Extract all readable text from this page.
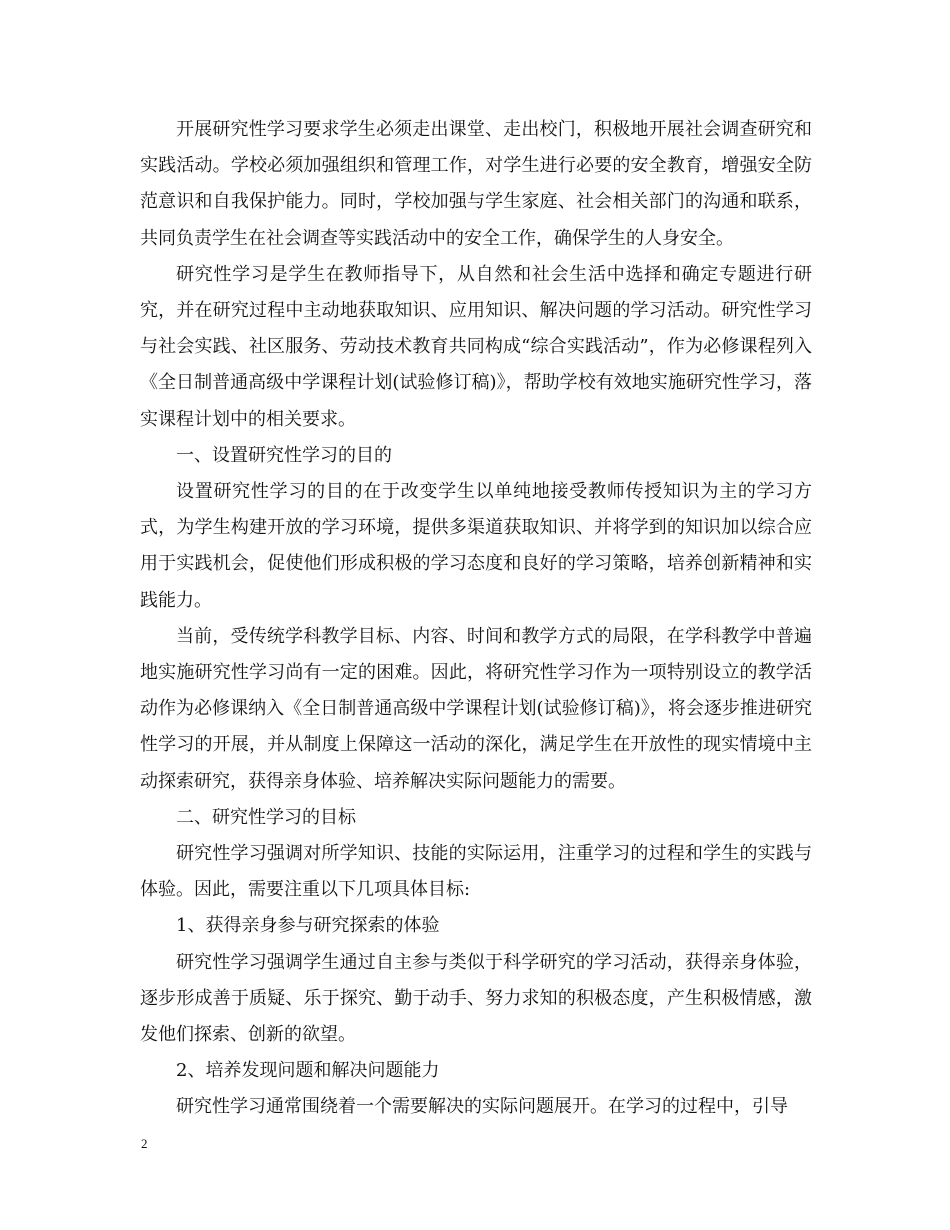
开展研究性学习要求学生必须走出课堂、走出校门，积极地开展社会调查研究和实践活动。学校必须加强组织和管理工作，对学生进行必要的安全教育，增强安全防范意识和自我保护能力。同时，学校加强与学生家庭、社会相关部门的沟通和联系，共同负责学生在社会调查等实践活动中的安全工作，确保学生的人身安全。

研究性学习是学生在教师指导下，从自然和社会生活中选择和确定专题进行研究，并在研究过程中主动地获取知识、应用知识、解决问题的学习活动。研究性学习与社会实践、社区服务、劳动技术教育共同构成“综合实践活动”，作为必修课程列入《全日制普通高级中学课程计划(试验修订稿)》，帮助学校有效地实施研究性学习，落实课程计划中的相关要求。

一、设置研究性学习的目的

设置研究性学习的目的在于改变学生以单纯地接受教师传授知识为主的学习方式，为学生构建开放的学习环境，提供多渠道获取知识、并将学到的知识加以综合应用于实践机会，促使他们形成积极的学习态度和良好的学习策略，培养创新精神和实践能力。

当前，受传统学科教学目标、内容、时间和教学方式的局限，在学科教学中普遍地实施研究性学习尚有一定的困难。因此，将研究性学习作为一项特别设立的教学活动作为必修课纳入《全日制普通高级中学课程计划(试验修订稿)》，将会逐步推进研究性学习的开展，并从制度上保障这一活动的深化，满足学生在开放性的现实情境中主动探索研究，获得亲身体验、培养解决实际问题能力的需要。

二、研究性学习的目标

研究性学习强调对所学知识、技能的实际运用，注重学习的过程和学生的实践与体验。因此，需要注重以下几项具体目标:

1、获得亲身参与研究探索的体验

研究性学习强调学生通过自主参与类似于科学研究的学习活动，获得亲身体验，逐步形成善于质疑、乐于探究、勤于动手、努力求知的积极态度，产生积极情感，激发他们探索、创新的欲望。

2、培养发现问题和解决问题能力

研究性学习通常围绕着一个需要解决的实际问题展开。在学习的过程中，引导

2
